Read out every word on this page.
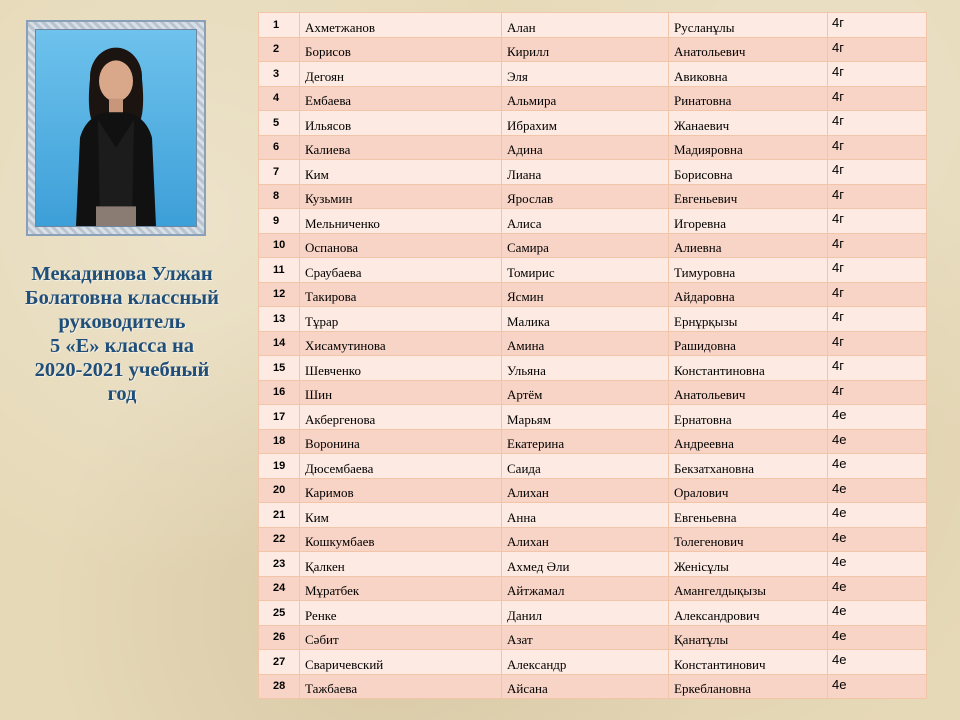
Мекадинова Улжан
Болатовна классный
руководитель
5 «Е» класса на
2020-2021 учебный
год
1	Ахметжанов	Алан	Русланұлы	4г
2	Борисов	Кирилл	Анатольевич	4г
3	Дегоян	Эля	Авиковна	4г
4	Ембаева	Альмира	Ринатовна	4г
5	Ильясов	Ибрахим	Жанаевич	4г
6	Калиева	Адина	Мадияровна	4г
7	Ким	Лиана	Борисовна	4г
8	Кузьмин	Ярослав	Евгеньевич	4г
9	Мельниченко	Алиса	Игоревна	4г
10	Оспанова	Самира	Алиевна	4г
11	Сраубаева	Томирис	Тимуровна	4г
12	Такирова	Ясмин	Айдаровна	4г
13	Тұрар	Малика	Ернұрқызы	4г
14	Хисамутинова	Амина	Рашидовна	4г
15	Шевченко	Ульяна	Константиновна	4г
16	Шин	Артём	Анатольевич	4г
17	Акбергенова	Марьям	Ернатовна	4е
18	Воронина	Екатерина	Андреевна	4е
19	Дюсембаева	Саида	Бекзатхановна	4е
20	Каримов	Алихан	Оралович	4е
21	Ким	Анна	Евгеньевна	4е
22	Кошкумбаев	Алихан	Толегенович	4е
23	Қалкен	Ахмед Әли	Женісұлы	4е
24	Мұратбек	Айтжамал	Амангелдықызы	4е
25	Ренке	Данил	Александрович	4е
26	Сәбит	Азат	Қанатұлы	4е
27	Сваричевский	Александр	Константинович	4е
28	Тажбаева	Айсана	Еркеблановна	4е
